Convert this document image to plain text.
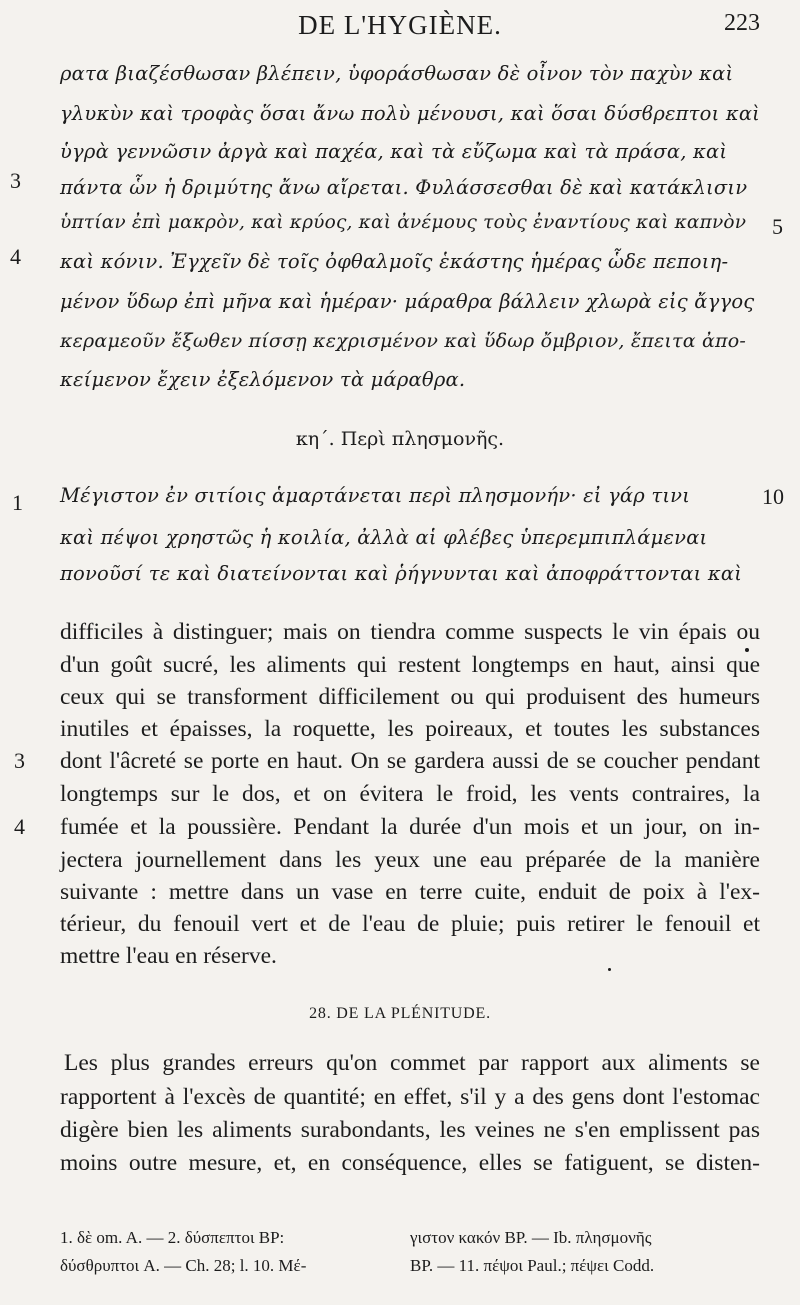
DE L'HYGIÈNE.	223
ρατα βιαζέσθωσαν βλέπειν, ὑφοράσθωσαν δὲ οἶνον τὸν παχὺν καὶ
γλυκὺν καὶ τροφὰς ὅσαι ἄνω πολὺ μένουσι, καὶ ὅσαι δύσϐρεπτοι καὶ
ὑγρὰ γεννῶσιν ἀργὰ καὶ παχέα, καὶ τὰ εὔζωμα καὶ τὰ πράσα, καὶ
πάντα ὧν ἡ δριμύτης ἄνω αἴρεται. Φυλάσσεσθαι δὲ καὶ κατάκλισιν
ὑπτίαν ἐπὶ μακρὸν, καὶ κρύος, καὶ ἀνέμους τοὺς ἐναντίους καὶ καπνὸν
καὶ κόνιν. Ἐγχεῖν δὲ τοῖς ὀφθαλμοῖς ἑκάστης ἡμέρας ὧδε πεποιη-
μένον ὕδωρ ἐπὶ μῆνα καὶ ἡμέραν· μάραθρα βάλλειν χλωρὰ εἰς ἄγγος
κεραμεοῦν ἔξωθεν πίσσῃ κεχρισμένον καὶ ὕδωρ ὄμβριον, ἔπειτα ἀπο-
κείμενον ἔχειν ἐξελόμενον τὰ μάραθρα.
3
4
5
κη΄. Περὶ πλησμονῆς.
Μέγιστον ἐν σιτίοις ἁμαρτάνεται περὶ πλησμονήν· εἰ γάρ τινι
καὶ πέψοι χρηστῶς ἡ κοιλία, ἀλλὰ αἱ φλέβες ὑπερεμπιπλάμεναι
πονοῦσί τε καὶ διατείνονται καὶ ῥήγνυνται καὶ ἀποφράττονται καὶ
1	10
difficiles à distinguer; mais on tiendra comme suspects le vin épais ou
d'un goût sucré, les aliments qui restent longtemps en haut, ainsi que
ceux qui se transforment difficilement ou qui produisent des humeurs
inutiles et épaisses, la roquette, les poireaux, et toutes les substances
dont l'âcreté se porte en haut. On se gardera aussi de se coucher pendant
longtemps sur le dos, et on évitera le froid, les vents contraires, la
fumée et la poussière. Pendant la durée d'un mois et un jour, on in-
jectera journellement dans les yeux une eau préparée de la manière
suivante : mettre dans un vase en terre cuite, enduit de poix à l'ex-
térieur, du fenouil vert et de l'eau de pluie; puis retirer le fenouil et
mettre l'eau en réserve.
3
4
28. DE LA PLÉNITUDE.
Les plus grandes erreurs qu'on commet par rapport aux aliments se
rapportent à l'excès de quantité; en effet, s'il y a des gens dont l'estomac
digère bien les aliments surabondants, les veines ne s'en emplissent pas
moins outre mesure, et, en conséquence, elles se fatiguent, se disten-
1. δὲ om. A. — 2. δύσπεπτοι BP:
δύσθρυπτοι A. — Ch. 28; l. 10. Μέ-
γιστον κακόν BP. — Ib. πλησμονῆς
BP. — 11. πέψοι Paul.; πέψει Codd.
